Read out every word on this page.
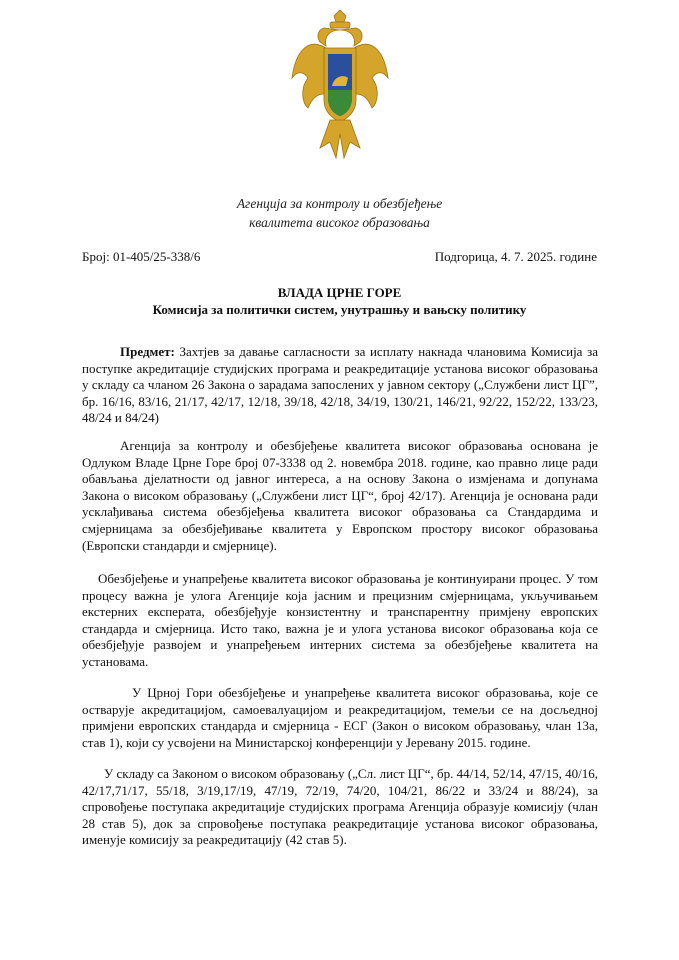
Агенција за контролу и обезбјеђење
квалитета високог образовања
Број: 01-405/25-338/6	Подгорица, 4. 7. 2025. године
ВЛАДА ЦРНЕ ГОРЕ
Комисија за политички систем, унутрашњу и вањску политику
Предмет: Захтјев за давање сагласности за исплату накнада члановима Комисија за поступке акредитације студијских програма и реакредитације установа високог образовања у складу са чланом 26 Закона о зарадама запослених у јавном сектору („Службени лист ЦГ”, бр. 16/16, 83/16, 21/17, 42/17, 12/18, 39/18, 42/18, 34/19, 130/21, 146/21, 92/22, 152/22, 133/23, 48/24 и 84/24)
Агенција за контролу и обезбјеђење квалитета високог образовања основана је Одлуком Владе Црне Горе број 07-3338 од 2. новембра 2018. године, као правно лице ради обављања дјелатности од јавног интереса, а на основу Закона о измјенама и допунама Закона о високом образовању („Службени лист ЦГ“, број 42/17). Агенција је основана ради усклађивања система обезбјеђења квалитета високог образовања са Стандардима и смјерницама за обезбјеђивање квалитета у Европском простору високог образовања (Европски стандарди и смјернице).
Обезбјеђење и унапређење квалитета високог образовања је континуирани процес. У том процесу важна је улога Агенције која јасним и прецизним смјерницама, укључивањем екстерних експерата, обезбјеђује конзистентну и транспарентну примјену европских стандарда и смјерница. Исто тако, важна је и улога установа високог образовања која се обезбјеђује развојем и унапређењем интерних система за обезбјеђење квалитета на установама.
У Црној Гори обезбјеђење и унапређење квалитета високог образовања, које се остварује акредитацијом, самоевалуацијом и реакредитацијом, темељи се на досљедној примјени европских стандарда и смјерница - ЕСГ (Закон о високом образовању, члан 13а, став 1), који су усвојени на Министарској конференцији у Јеревану 2015. године.
У складу са Законом о високом образовању („Сл. лист ЦГ“, бр. 44/14, 52/14, 47/15, 40/16, 42/17,71/17, 55/18, 3/19,17/19, 47/19, 72/19, 74/20, 104/21, 86/22 и 33/24 и 88/24), за спровођење поступака акредитације студијских програма Агенција образује комисију (члан 28 став 5), док за спровођење поступака реакредитације установа високог образовања, именује комисију за реакредитацију (42 став 5).
